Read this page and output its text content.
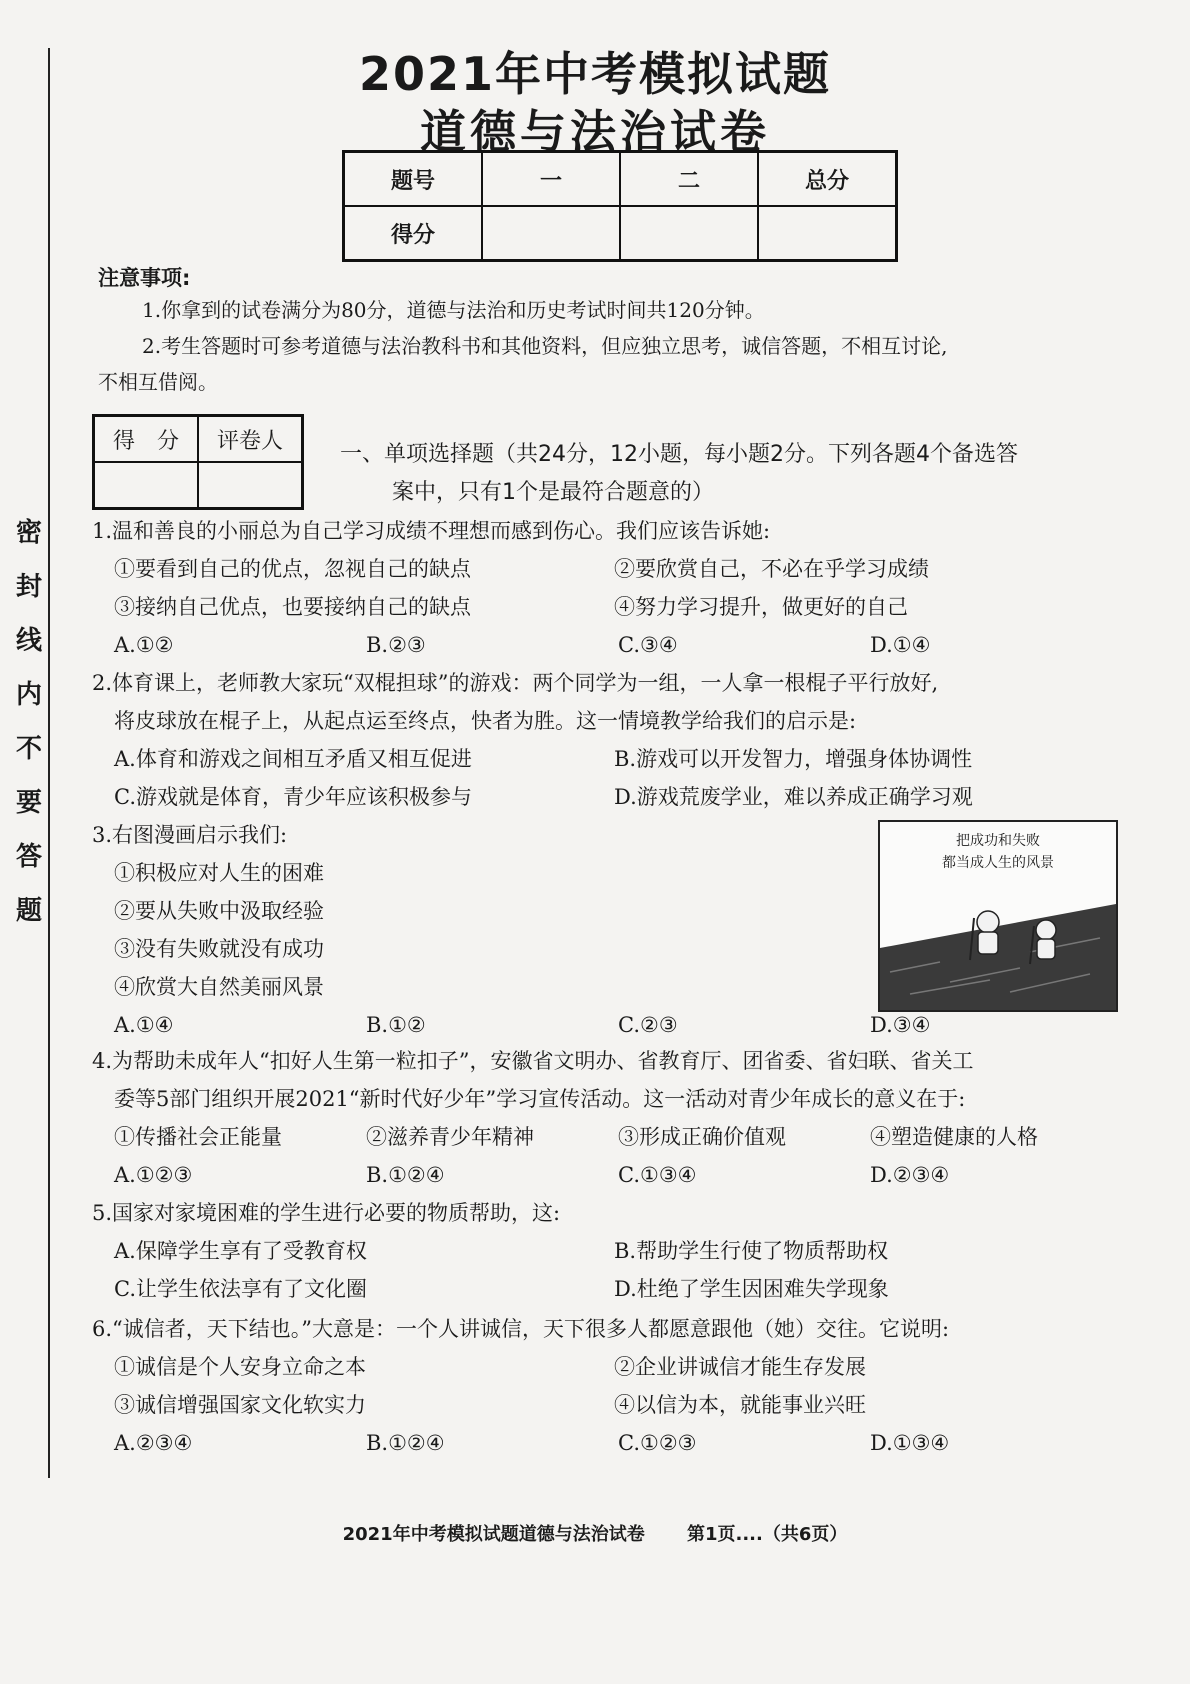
密
封
线
内
不
要
答
题
2021年中考模拟试题
道德与法治试卷
题号	一	二	总分
得分			
注意事项:
1.你拿到的试卷满分为80分，道德与法治和历史考试时间共120分钟。
2.考生答题时可参考道德与法治教科书和其他资料，但应独立思考，诚信答题，不相互讨论,
不相互借阅。
得　分	评卷人

一、单项选择题（共24分，12小题，每小题2分。下列各题4个备选答
案中，只有1个是最符合题意的）
1.温和善良的小丽总为自己学习成绩不理想而感到伤心。我们应该告诉她:
①要看到自己的优点，忽视自己的缺点	②要欣赏自己，不必在乎学习成绩
③接纳自己优点，也要接纳自己的缺点	④努力学习提升，做更好的自己
A.①②	B.②③	C.③④	D.①④
2.体育课上，老师教大家玩“双棍担球”的游戏：两个同学为一组，一人拿一根棍子平行放好,
将皮球放在棍子上，从起点运至终点，快者为胜。这一情境教学给我们的启示是:
A.体育和游戏之间相互矛盾又相互促进	B.游戏可以开发智力，增强身体协调性
C.游戏就是体育，青少年应该积极参与	D.游戏荒废学业，难以养成正确学习观
3.右图漫画启示我们:
①积极应对人生的困难
②要从失败中汲取经验
③没有失败就没有成功
④欣赏大自然美丽风景
A.①④	B.①②	C.②③	D.③④
把成功和失败
都当成人生的风景
4.为帮助未成年人“扣好人生第一粒扣子”，安徽省文明办、省教育厅、团省委、省妇联、省关工
委等5部门组织开展2021“新时代好少年”学习宣传活动。这一活动对青少年成长的意义在于:
①传播社会正能量	②滋养青少年精神	③形成正确价值观	④塑造健康的人格
A.①②③	B.①②④	C.①③④	D.②③④
5.国家对家境困难的学生进行必要的物质帮助，这:
A.保障学生享有了受教育权	B.帮助学生行使了物质帮助权
C.让学生依法享有了文化圈	D.杜绝了学生因困难失学现象
6.“诚信者，天下结也。”大意是：一个人讲诚信，天下很多人都愿意跟他（她）交往。它说明:
①诚信是个人安身立命之本	②企业讲诚信才能生存发展
③诚信增强国家文化软实力	④以信为本，就能事业兴旺
A.②③④	B.①②④	C.①②③	D.①③④
2021年中考模拟试题道德与法治试卷 第1页....（共6页）
